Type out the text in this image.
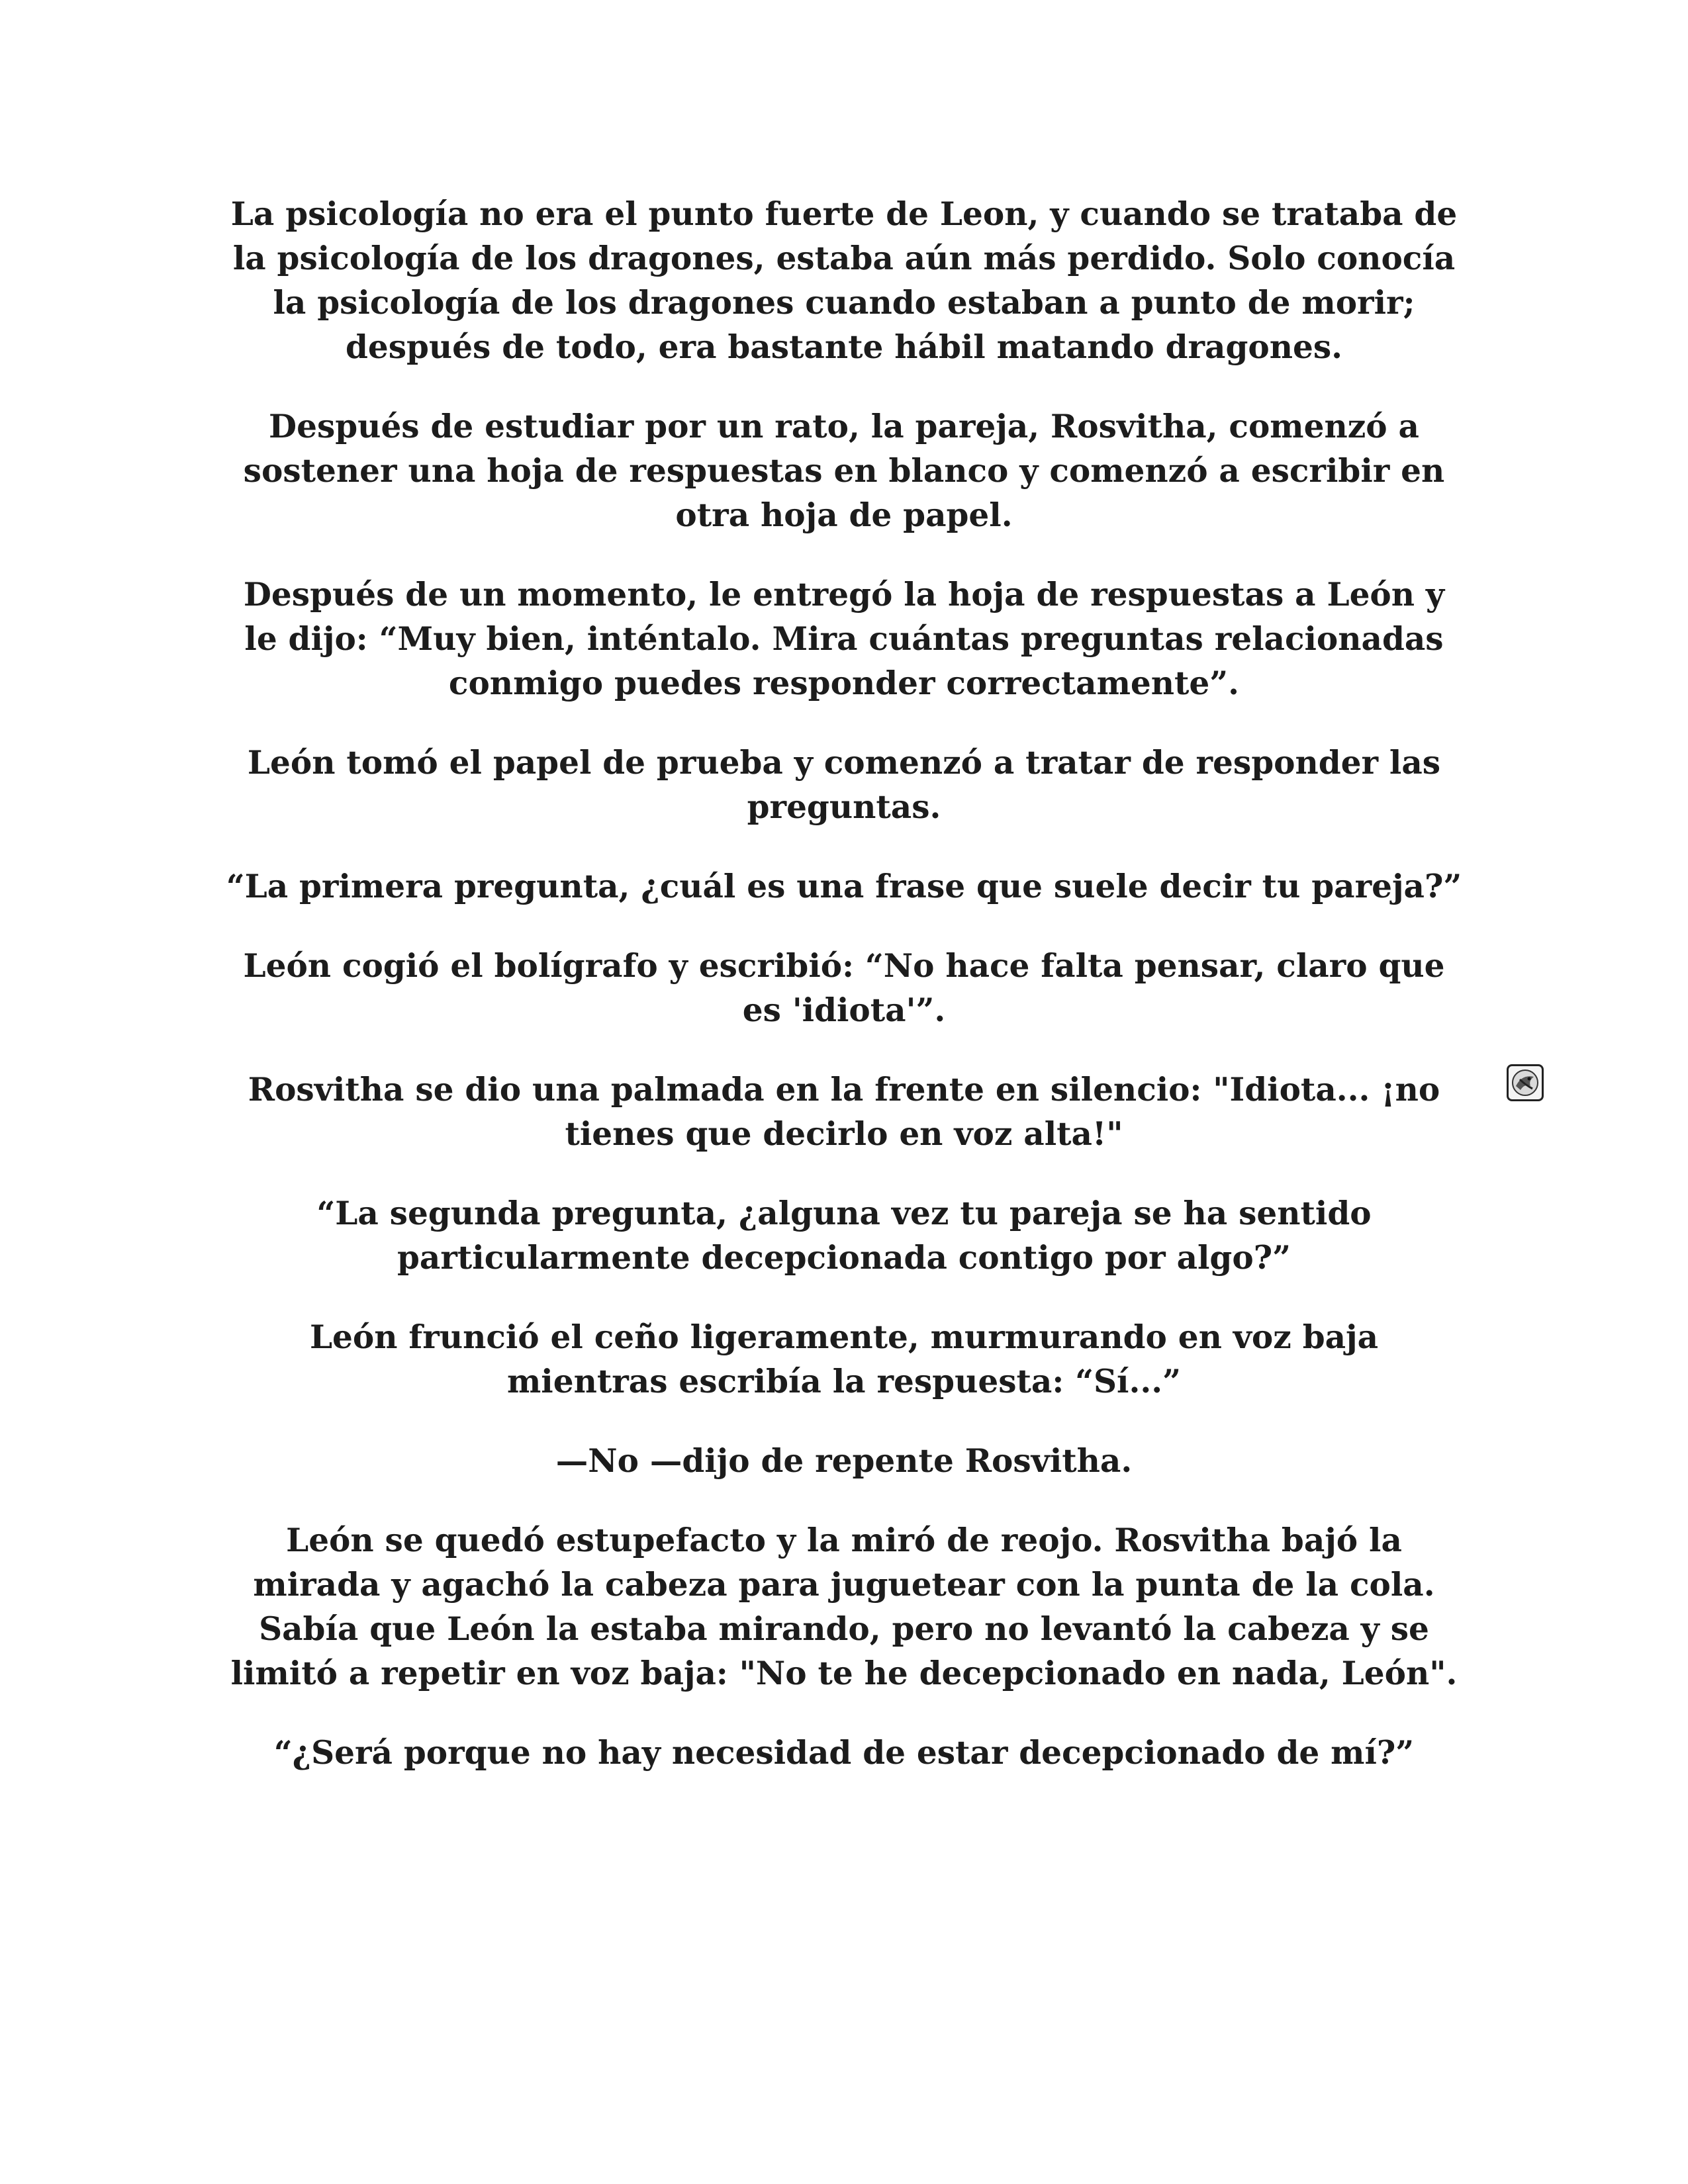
La psicología no era el punto fuerte de Leon, y cuando se trataba de la psicología de los dragones, estaba aún más perdido. Solo conocía la psicología de los dragones cuando estaban a punto de morir; después de todo, era bastante hábil matando dragones.

Después de estudiar por un rato, la pareja, Rosvitha, comenzó a sostener una hoja de respuestas en blanco y comenzó a escribir en otra hoja de papel.

Después de un momento, le entregó la hoja de respuestas a León y le dijo: “Muy bien, inténtalo. Mira cuántas preguntas relacionadas conmigo puedes responder correctamente”.

León tomó el papel de prueba y comenzó a tratar de responder las preguntas.

“La primera pregunta, ¿cuál es una frase que suele decir tu pareja?”

León cogió el bolígrafo y escribió: “No hace falta pensar, claro que es 'idiota'”.

Rosvitha se dio una palmada en la frente en silencio: "Idiota... ¡no tienes que decirlo en voz alta!"

“La segunda pregunta, ¿alguna vez tu pareja se ha sentido particularmente decepcionada contigo por algo?”

León frunció el ceño ligeramente, murmurando en voz baja mientras escribía la respuesta: “Sí...”

—No —dijo de repente Rosvitha.

León se quedó estupefacto y la miró de reojo. Rosvitha bajó la mirada y agachó la cabeza para juguetear con la punta de la cola. Sabía que León la estaba mirando, pero no levantó la cabeza y se limitó a repetir en voz baja: "No te he decepcionado en nada, León".

“¿Será porque no hay necesidad de estar decepcionado de mí?”
